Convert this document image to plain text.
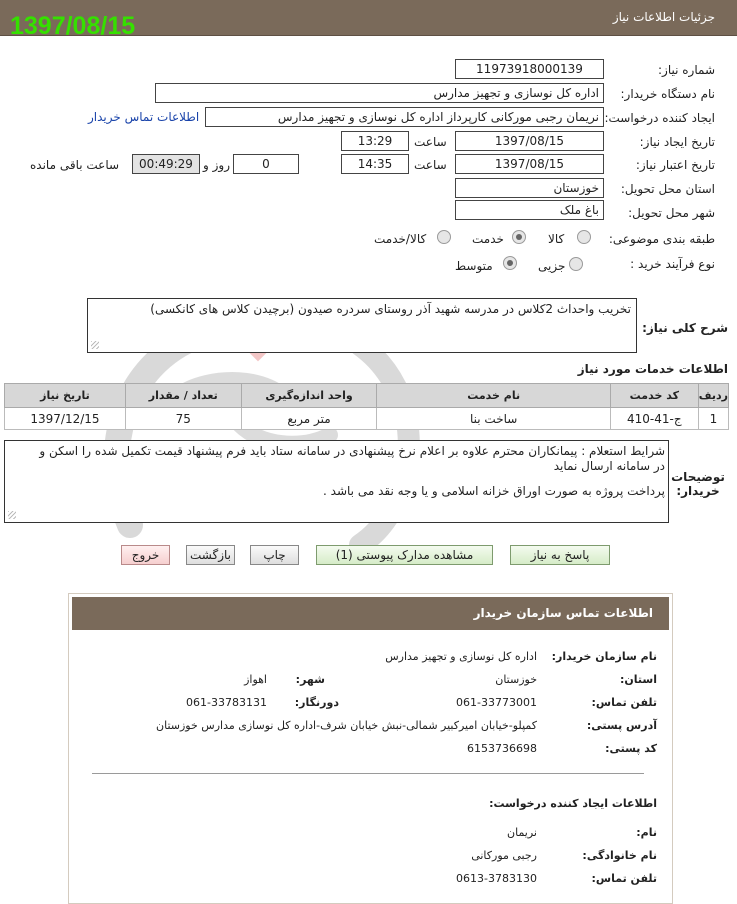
جزئیات اطلاعات نیاز
1397/08/15
شماره نیاز:
11973918000139
نام دستگاه خریدار:
اداره کل نوسازی و تجهیز مدارس
ایجاد کننده درخواست:
نریمان رجبی مورکانی کارپرداز اداره کل نوسازی و تجهیز مدارس
اطلاعات تماس خریدار
تاریخ ایجاد نیاز:
1397/08/15
ساعت
13:29
تاریخ اعتبار نیاز:
1397/08/15
ساعت
14:35
0
روز و
00:49:29
ساعت باقی مانده
استان محل تحویل:
خوزستان
شهر محل تحویل:
باغ ملک
طبقه بندی موضوعی:
کالا
خدمت
کالا/خدمت
نوع فرآیند خرید :
جزیی
متوسط
شرح کلی نیاز:
تخریب واحداث 2کلاس در مدرسه شهید آذر روستای سردره صیدون (برچیدن کلاس های کانکسی)
اطلاعات خدمات مورد نیاز
ردیف	کد خدمت	نام خدمت	واحد اندازه‌گیری	تعداد / مقدار	تاریخ نیاز
1	ج-41-410	ساخت بنا	متر مربع	75	1397/12/15
توضیحات
خریدار:
شرایط استعلام : پیمانکاران محترم علاوه بر اعلام نرخ پیشنهادی در سامانه ستاد باید فرم پیشنهاد قیمت تکمیل شده را اسکن و
در سامانه ارسال نماید
پرداخت پروژه به صورت اوراق خزانه اسلامی و یا وجه نقد می باشد .
پاسخ به نیاز
مشاهده مدارک پیوستی (1)
چاپ
بازگشت
خروج
اطلاعات تماس سازمان خریدار
نام سازمان خریدار:
اداره کل نوسازی و تجهیز مدارس
استان:
خوزستان
شهر:
اهواز
تلفن تماس:
061-33773001
دورنگار:
061-33783131
آدرس پستی:
کمپلو-خیابان امیرکبیر شمالی-نبش خیابان شرف-اداره کل نوسازی مدارس خوزستان
کد پستی:
6153736698
اطلاعات ایجاد کننده درخواست:
نام:
نریمان
نام خانوادگی:
رجبی مورکانی
تلفن تماس:
0613-3783130
